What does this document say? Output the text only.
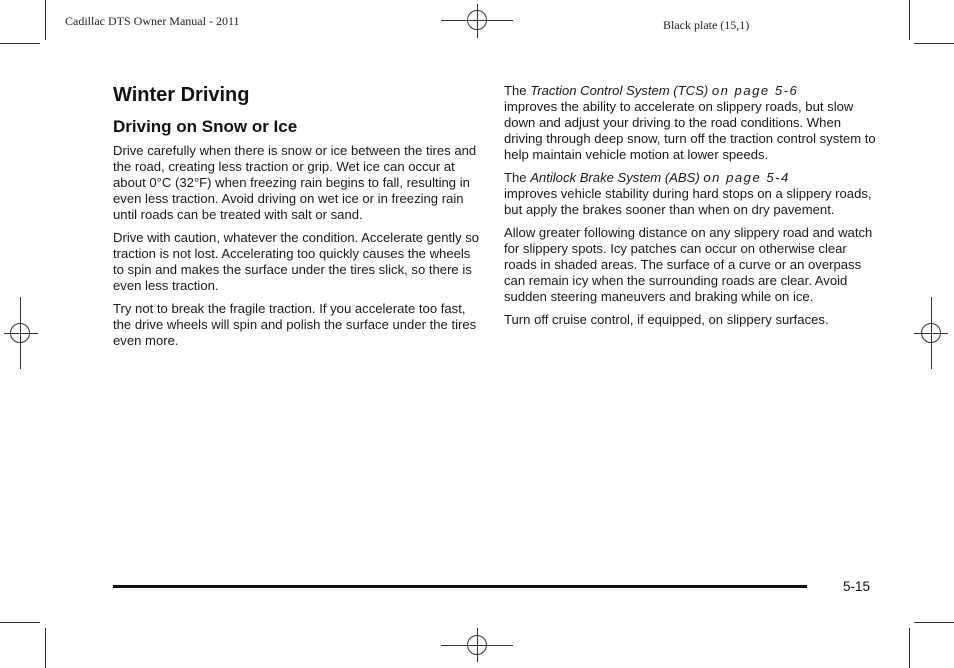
Cadillac DTS Owner Manual - 2011	Black plate (15,1)
Winter Driving
Driving on Snow or Ice

Drive carefully when there is snow or ice between the tires and the road, creating less traction or grip. Wet ice can occur at about 0°C (32°F) when freezing rain begins to fall, resulting in even less traction. Avoid driving on wet ice or in freezing rain until roads can be treated with salt or sand.

Drive with caution, whatever the condition. Accelerate gently so traction is not lost. Accelerating too quickly causes the wheels to spin and makes the surface under the tires slick, so there is even less traction.

Try not to break the fragile traction. If you accelerate too fast, the drive wheels will spin and polish the surface under the tires even more.

The Traction Control System (TCS) on page 5‑6
improves the ability to accelerate on slippery roads, but slow down and adjust your driving to the road conditions. When driving through deep snow, turn off the traction control system to help maintain vehicle motion at lower speeds.

The Antilock Brake System (ABS) on page 5‑4
improves vehicle stability during hard stops on a slippery roads, but apply the brakes sooner than when on dry pavement.

Allow greater following distance on any slippery road and watch for slippery spots. Icy patches can occur on otherwise clear roads in shaded areas. The surface of a curve or an overpass can remain icy when the surrounding roads are clear. Avoid sudden steering maneuvers and braking while on ice.

Turn off cruise control, if equipped, on slippery surfaces.

5-15
